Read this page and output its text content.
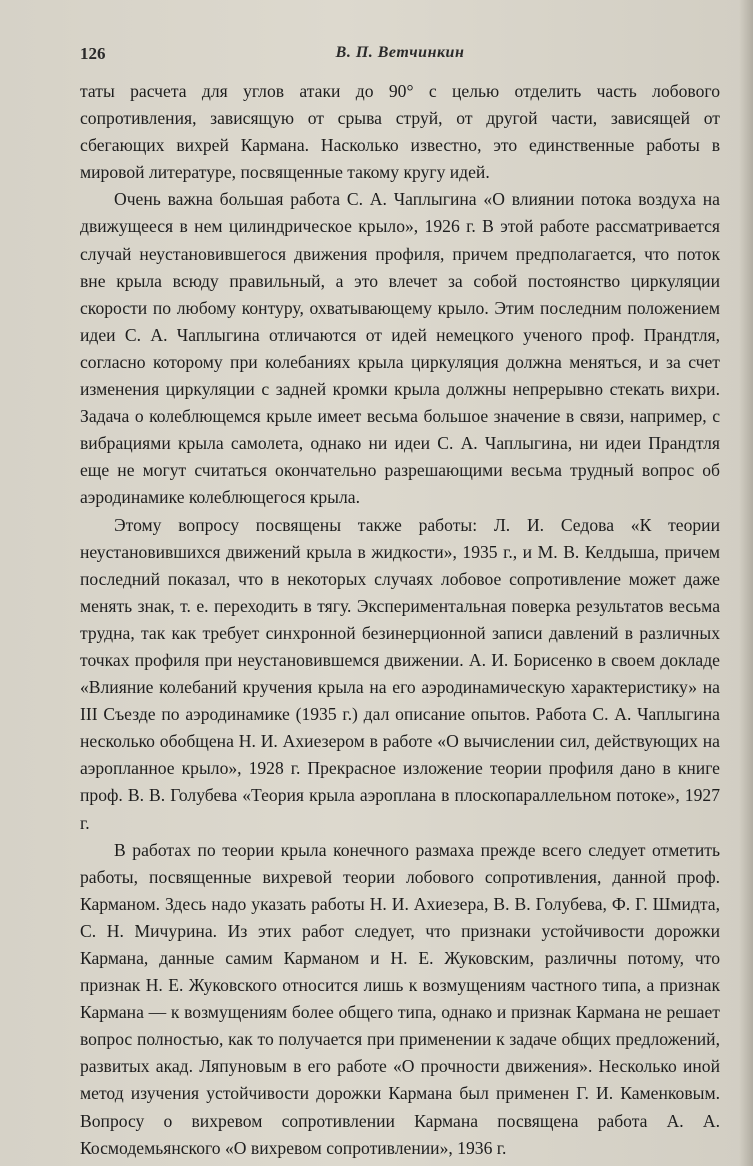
126	В. П. Ветчинкин

таты расчета для углов атаки до 90° с целью отделить часть лобового сопротивления, зависящую от срыва струй, от другой части, зависящей от сбегающих вихрей Кармана. Насколько известно, это единственные работы в мировой литературе, посвященные такому кругу идей.

Очень важна большая работа С. А. Чаплыгина «О влиянии потока воздуха на движущееся в нем цилиндрическое крыло», 1926 г. В этой работе рассматривается случай неустановившегося движения профиля, причем предполагается, что поток вне крыла всюду правильный, а это влечет за собой постоянство циркуляции скорости по любому контуру, охватывающему крыло. Этим последним положением идеи С. А. Чаплыгина отличаются от идей немецкого ученого проф. Прандтля, согласно которому при колебаниях крыла циркуляция должна меняться, и за счет изменения циркуляции с задней кромки крыла должны непрерывно стекать вихри. Задача о колеблющемся крыле имеет весьма большое значение в связи, например, с вибрациями крыла самолета, однако ни идеи С. А. Чаплыгина, ни идеи Прандтля еще не могут считаться окончательно разрешающими весьма трудный вопрос об аэродинамике колеблющегося крыла.

Этому вопросу посвящены также работы: Л. И. Седова «К теории неустановившихся движений крыла в жидкости», 1935 г., и М. В. Келдыша, причем последний показал, что в некоторых случаях лобовое сопротивление может даже менять знак, т. е. переходить в тягу. Экспериментальная поверка результатов весьма трудна, так как требует синхронной безинерционной записи давлений в различных точках профиля при неустановившемся движении. А. И. Борисенко в своем докладе «Влияние колебаний кручения крыла на его аэродинамическую характеристику» на III Съезде по аэродинамике (1935 г.) дал описание опытов. Работа С. А. Чаплыгина несколько обобщена Н. И. Ахиезером в работе «О вычислении сил, действующих на аэропланное крыло», 1928 г. Прекрасное изложение теории профиля дано в книге проф. В. В. Голубева «Теория крыла аэроплана в плоскопараллельном потоке», 1927 г.

В работах по теории крыла конечного размаха прежде всего следует отметить работы, посвященные вихревой теории лобового сопротивления, данной проф. Карманом. Здесь надо указать работы Н. И. Ахиезера, В. В. Голубева, Ф. Г. Шмидта, С. Н. Мичурина. Из этих работ следует, что признаки устойчивости дорожки Кармана, данные самим Карманом и Н. Е. Жуковским, различны потому, что признак Н. Е. Жуковского относится лишь к возмущениям частного типа, а признак Кармана — к возмущениям более общего типа, однако и признак Кармана не решает вопрос полностью, как то получается при применении к задаче общих предложений, развитых акад. Ляпуновым в его работе «О прочности движения». Несколько иной метод изучения устойчивости дорожки Кармана был применен Г. И. Каменковым. Вопросу о вихревом сопротивлении Кармана посвящена работа А. А. Космодемьянского «О вихревом сопротивлении», 1936 г.
